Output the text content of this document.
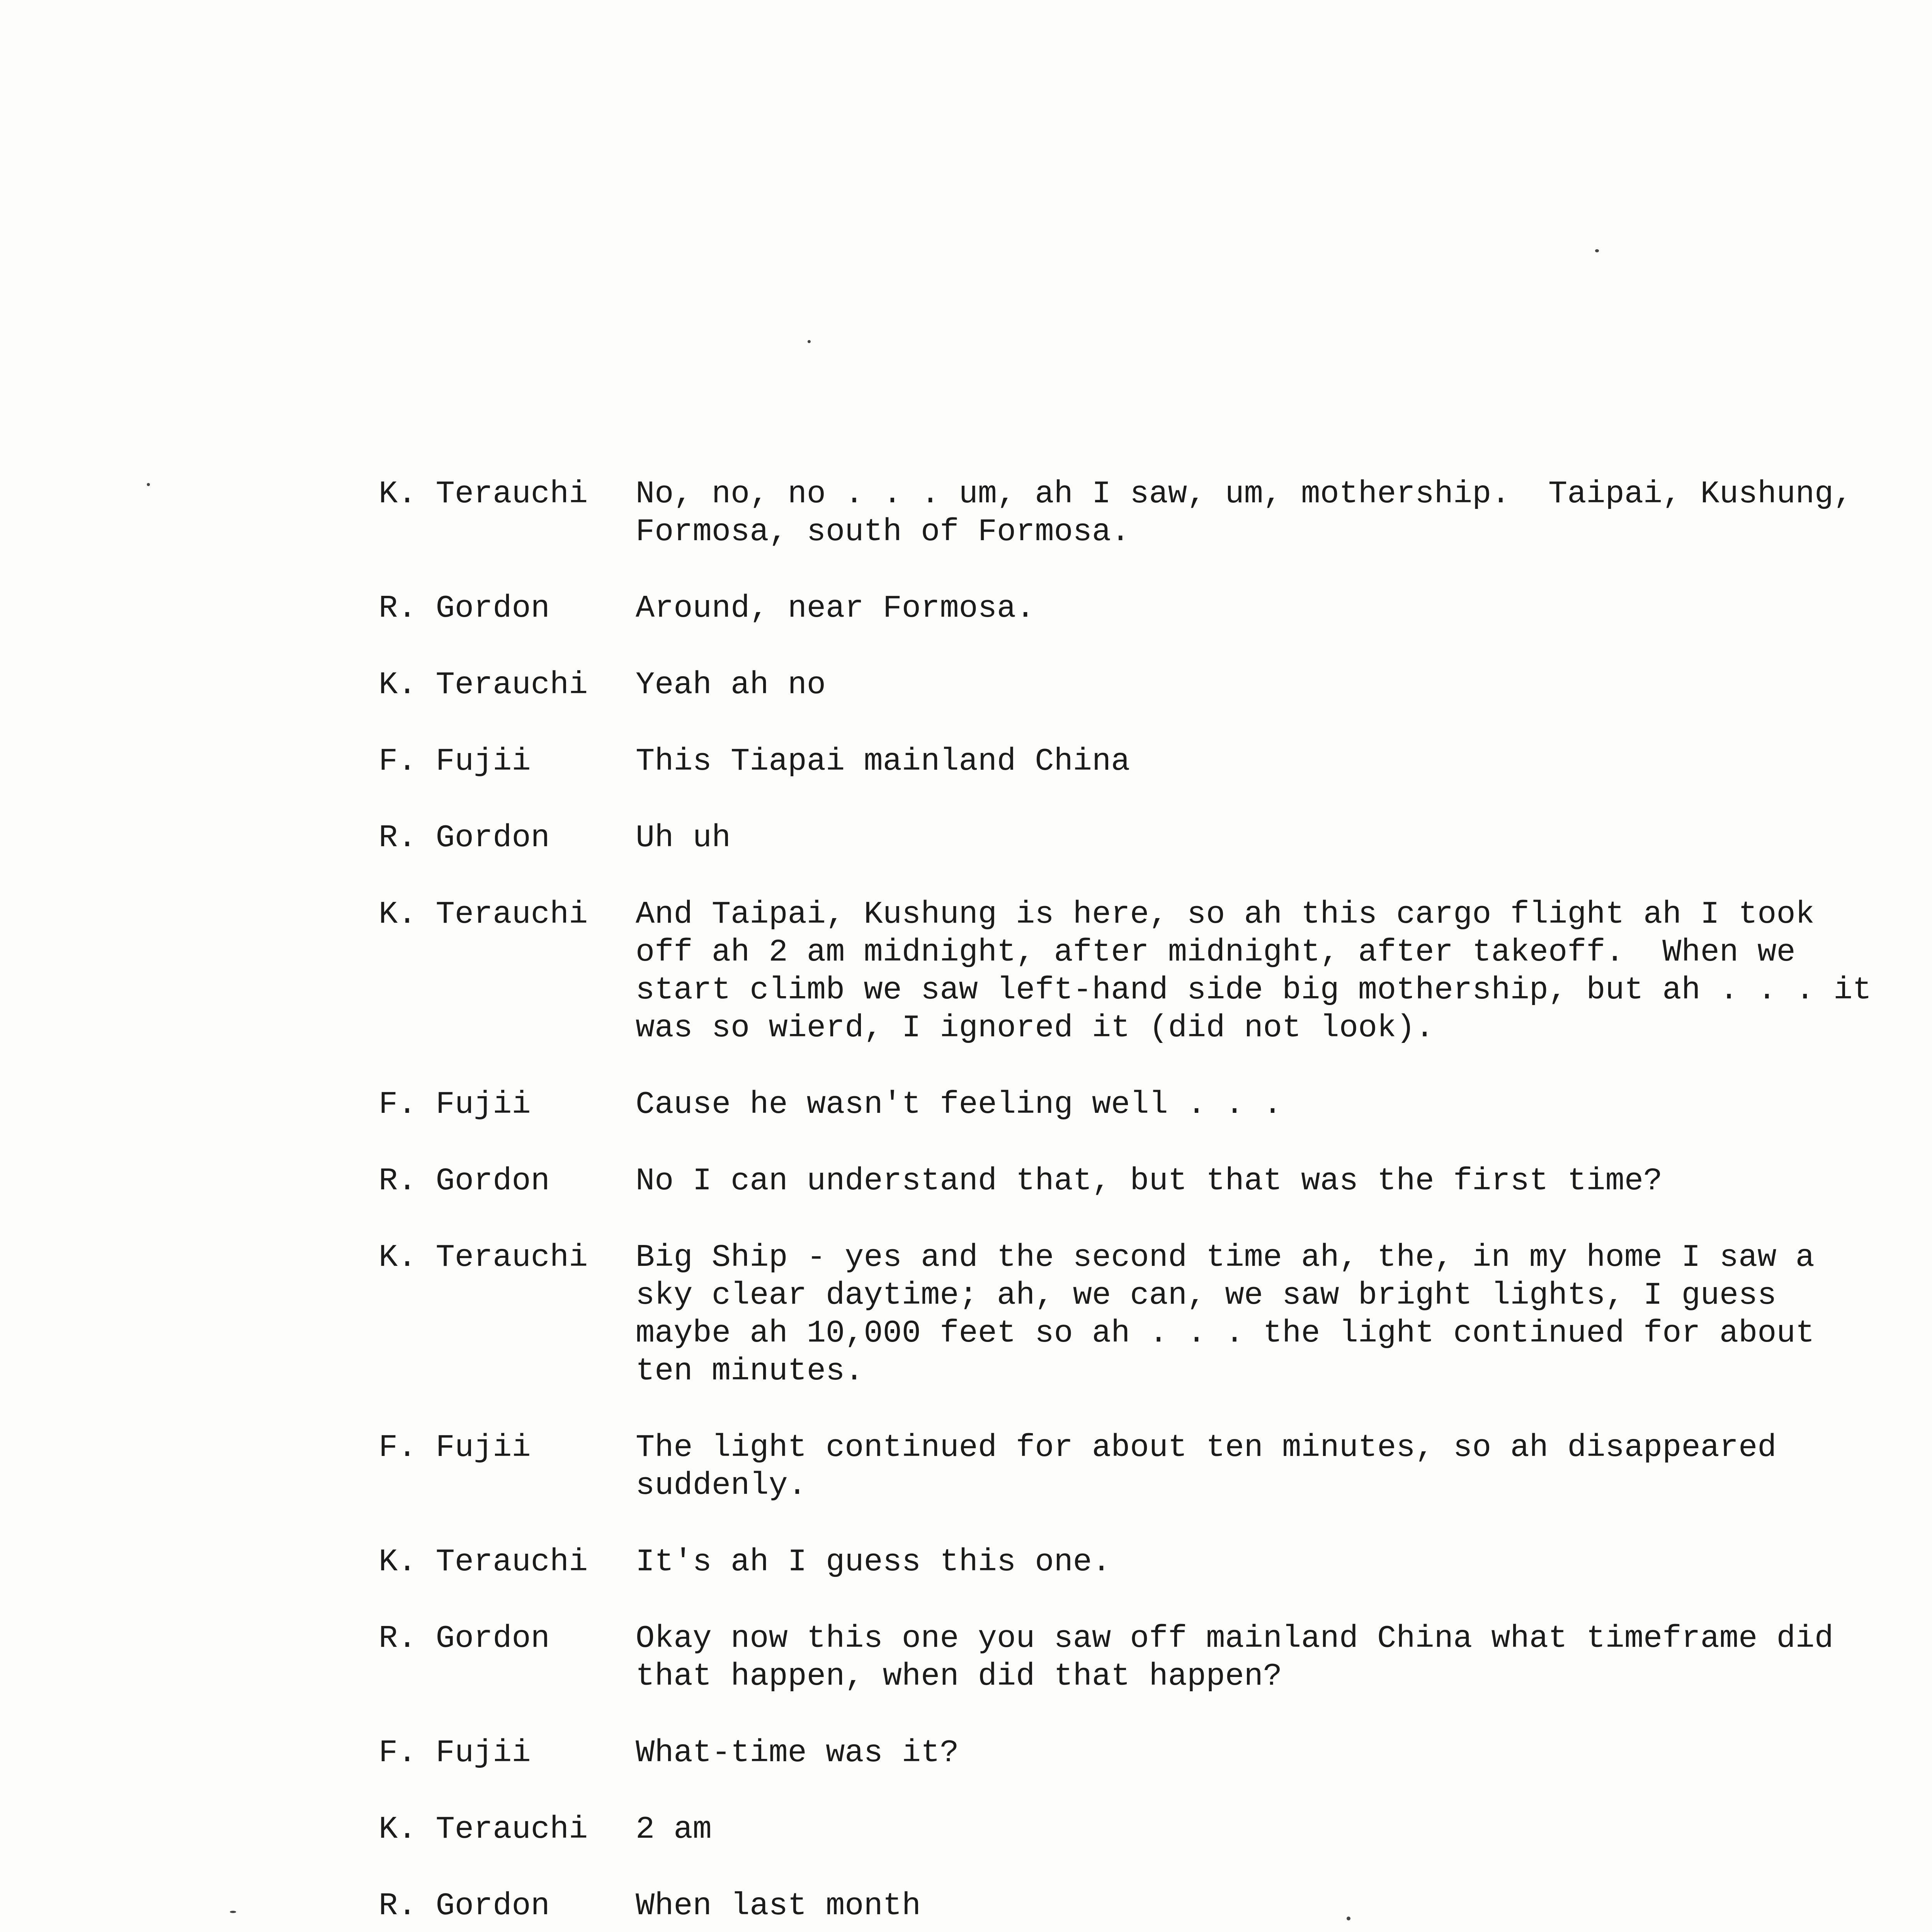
K. Terauchi	No, no, no . . . um, ah I saw, um, mothership.  Taipai, Kushung,
Formosa, south of Formosa.
R. Gordon	Around, near Formosa.
K. Terauchi	Yeah ah no
F. Fujii	This Tiapai mainland China
R. Gordon	Uh uh
K. Terauchi	And Taipai, Kushung is here, so ah this cargo flight ah I took
off ah 2 am midnight, after midnight, after takeoff.  When we
start climb we saw left-hand side big mothership, but ah . . . it
was so wierd, I ignored it (did not look).
F. Fujii	Cause he wasn't feeling well . . .
R. Gordon	No I can understand that, but that was the first time?
K. Terauchi	Big Ship - yes and the second time ah, the, in my home I saw a
sky clear daytime; ah, we can, we saw bright lights, I guess
maybe ah 10,000 feet so ah . . . the light continued for about
ten minutes.
F. Fujii	The light continued for about ten minutes, so ah disappeared
suddenly.
K. Terauchi	It's ah I guess this one.
R. Gordon	Okay now this one you saw off mainland China what timeframe did
that happen, when did that happen?
F. Fujii	What-time was it?
K. Terauchi	2 am
R. Gordon	When last month
